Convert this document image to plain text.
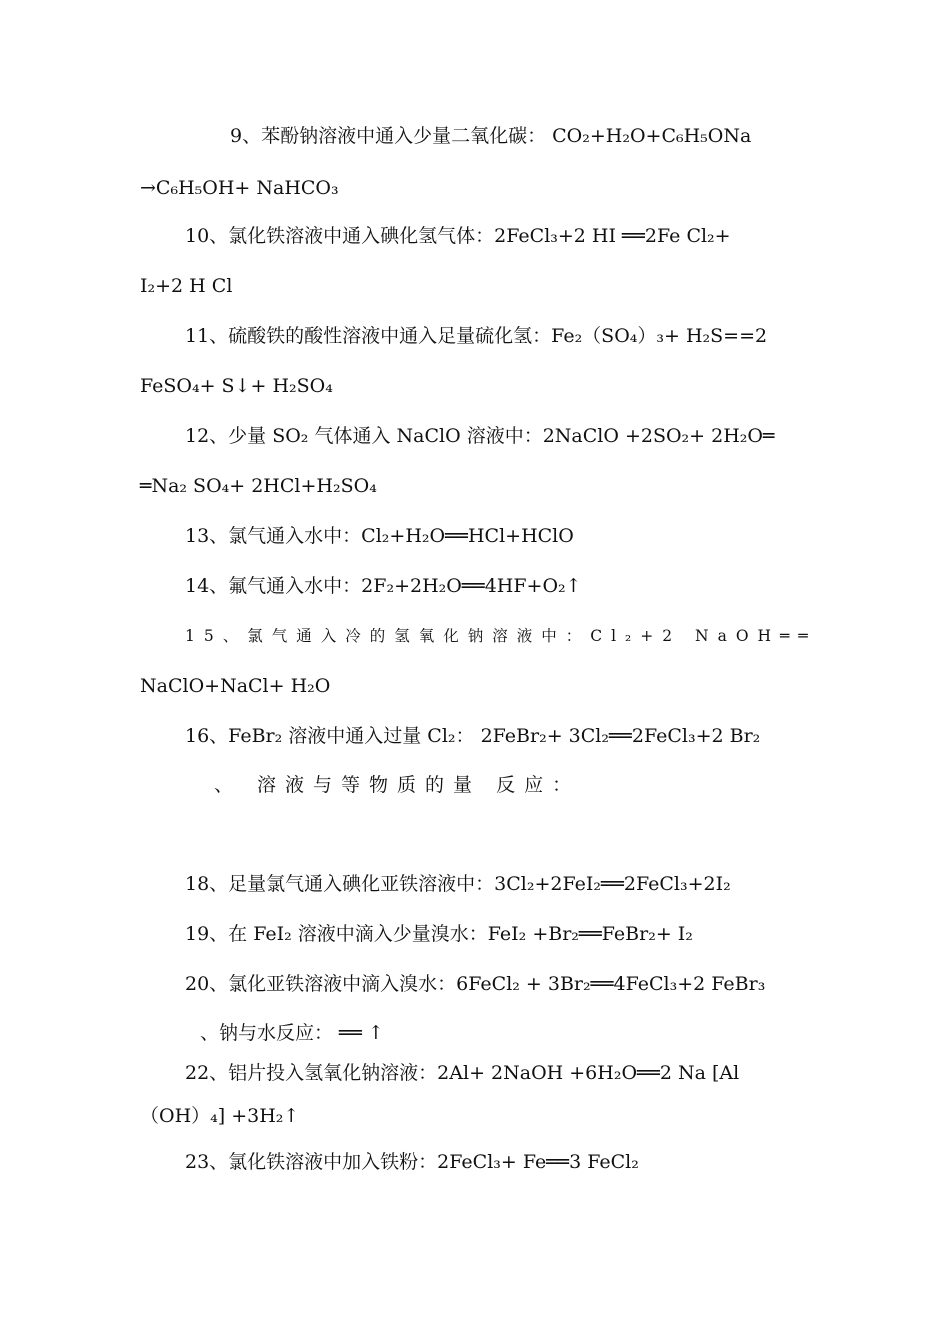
9、苯酚钠溶液中通入少量二氧化碳： CO₂+H₂O+C₆H₅ONa
→C₆H₅OH+ NaHCO₃
10、氯化铁溶液中通入碘化氢气体：2FeCl₃+2 HI ══2Fe Cl₂+
I₂+2 H Cl
11、硫酸铁的酸性溶液中通入足量硫化氢：Fe₂（SO₄）₃+ H₂S==2
FeSO₄+ S↓+ H₂SO₄
12、少量 SO₂ 气体通入 NaClO 溶液中：2NaClO +2SO₂+ 2H₂O═
═Na₂ SO₄+ 2HCl+H₂SO₄
13、氯气通入水中：Cl₂+H₂O══HCl+HClO
14、氟气通入水中：2F₂+2H₂O══4HF+O₂↑
15、氯气通入冷的氢氧化钠溶液中：Cl₂+2 NaOH══
NaClO+NaCl+ H₂O
16、FeBr₂ 溶液中通入过量 Cl₂： 2FeBr₂+ 3Cl₂══2FeCl₃+2 Br₂
、 溶液与等物质的量 反应：
18、足量氯气通入碘化亚铁溶液中：3Cl₂+2FeI₂══2FeCl₃+2I₂
19、在 FeI₂ 溶液中滴入少量溴水：FeI₂ +Br₂══FeBr₂+ I₂
20、氯化亚铁溶液中滴入溴水：6FeCl₂ + 3Br₂══4FeCl₃+2 FeBr₃
、钠与水反应： ══ ↑
22、铝片投入氢氧化钠溶液：2Al+ 2NaOH +6H₂O══2 Na [Al
（OH）₄] +3H₂↑
23、氯化铁溶液中加入铁粉：2FeCl₃+ Fe══3 FeCl₂
